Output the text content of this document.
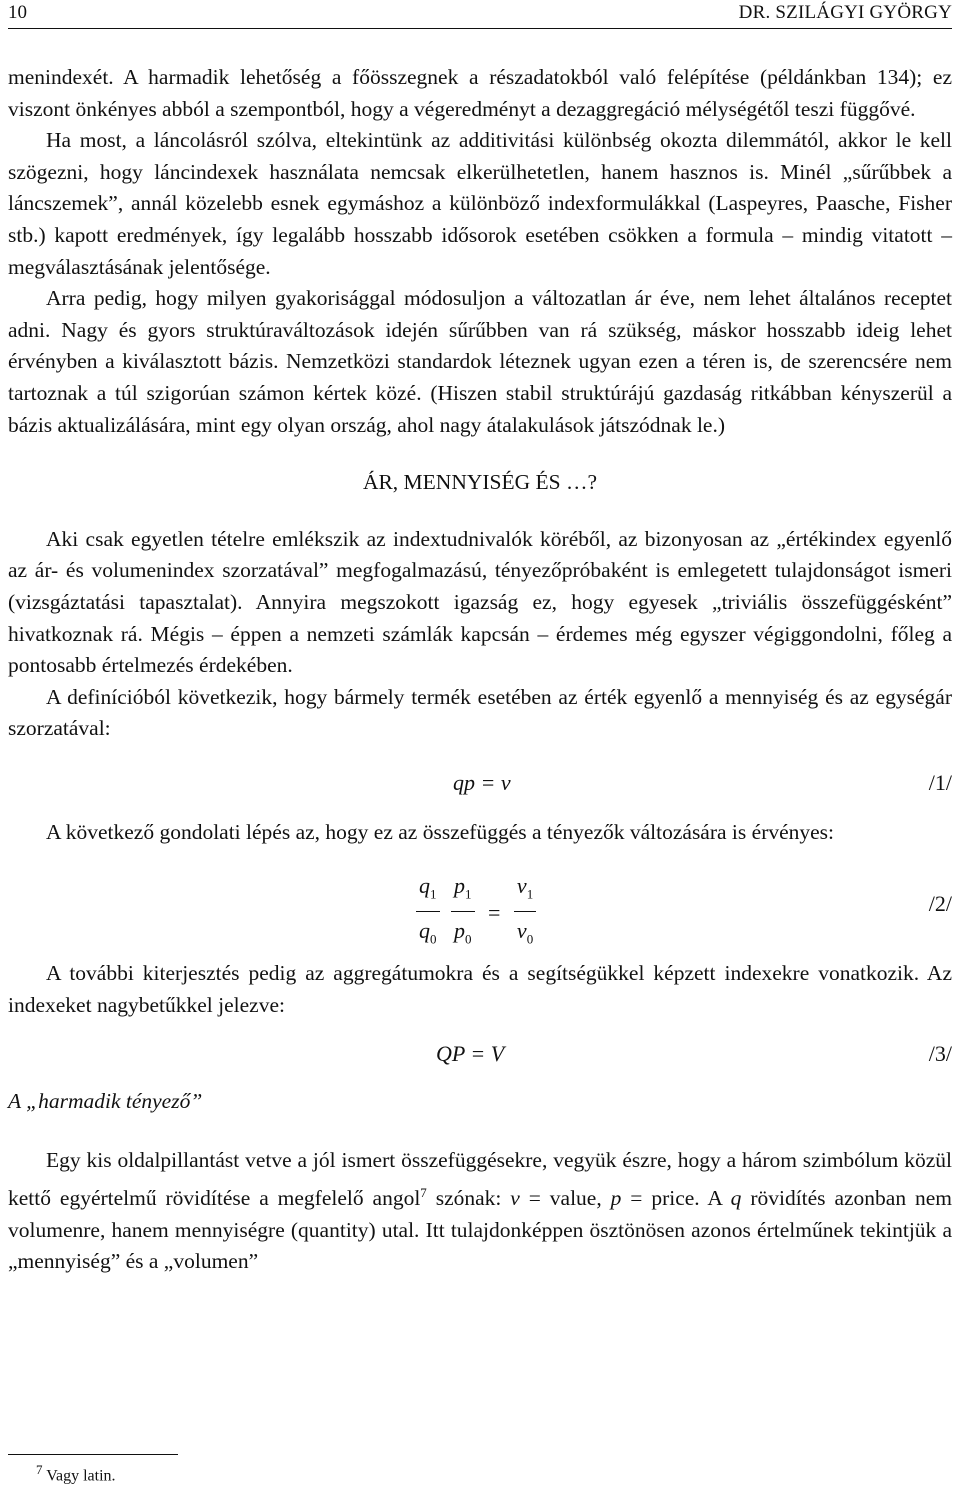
10	DR. SZILÁGYI GYÖRGY

menindexét. A harmadik lehetőség a főösszegnek a részadatokból való felépítése (példánkban 134); ez viszont önkényes abból a szempontból, hogy a végeredményt a dezaggregáció mélységétől teszi függővé.

Ha most, a láncolásról szólva, eltekintünk az additivitási különbség okozta dilemmától, akkor le kell szögezni, hogy láncindexek használata nemcsak elkerülhetetlen, hanem hasznos is. Minél „sűrűbbek a láncszemek”, annál közelebb esnek egymáshoz a különböző indexformulákkal (Laspeyres, Paasche, Fisher stb.) kapott eredmények, így legalább hosszabb idősorok esetében csökken a formula – mindig vitatott – megválasztásának jelentősége.

Arra pedig, hogy milyen gyakorisággal módosuljon a változatlan ár éve, nem lehet általános receptet adni. Nagy és gyors struktúraváltozások idején sűrűbben van rá szükség, máskor hosszabb ideig lehet érvényben a kiválasztott bázis. Nemzetközi standardok léteznek ugyan ezen a téren is, de szerencsére nem tartoznak a túl szigorúan számon kértek közé. (Hiszen stabil struktúrájú gazdaság ritkábban kényszerül a bázis aktualizálására, mint egy olyan ország, ahol nagy átalakulások játszódnak le.)

ÁR, MENNYISÉG ÉS …?

Aki csak egyetlen tételre emlékszik az indextudnivalók köréből, az bizonyosan az „értékindex egyenlő az ár- és volumenindex szorzatával” megfogalmazású, tényezőpróbaként is emlegetett tulajdonságot ismeri (vizsgáztatási tapasztalat). Annyira megszokott igazság ez, hogy egyesek „triviális összefüggésként” hivatkoznak rá. Mégis – éppen a nemzeti számlák kapcsán – érdemes még egyszer végiggondolni, főleg a pontosabb értelmezés érdekében.

A definícióból következik, hogy bármely termék esetében az érték egyenlő a mennyiség és az egységár szorzatával:

qp = v	/1/

A következő gondolati lépés az, hogy ez az összefüggés a tényezők változására is érvényes:

$\frac{q_1}{q_0}$
$\frac{p_1}{p_0} = \frac{v_1}{v_0}$	/2/

A további kiterjesztés pedig az aggregátumokra és a segítségükkel képzett indexekre vonatkozik. Az indexeket nagybetűkkel jelezve:

QP = V	/3/

A „harmadik tényező”

Egy kis oldalpillantást vetve a jól ismert összefüggésekre, vegyük észre, hogy a három szimbólum közül kettő egyértelmű rövidítése a megfelelő angol$^7$ szónak: v = value, p = price. A q rövidítés azonban nem volumenre, hanem mennyiségre (quantity) utal. Itt tulajdonképpen ösztönösen azonos értelműnek tekintjük a „mennyiség” és a „volumen”

$^7$ Vagy latin.
